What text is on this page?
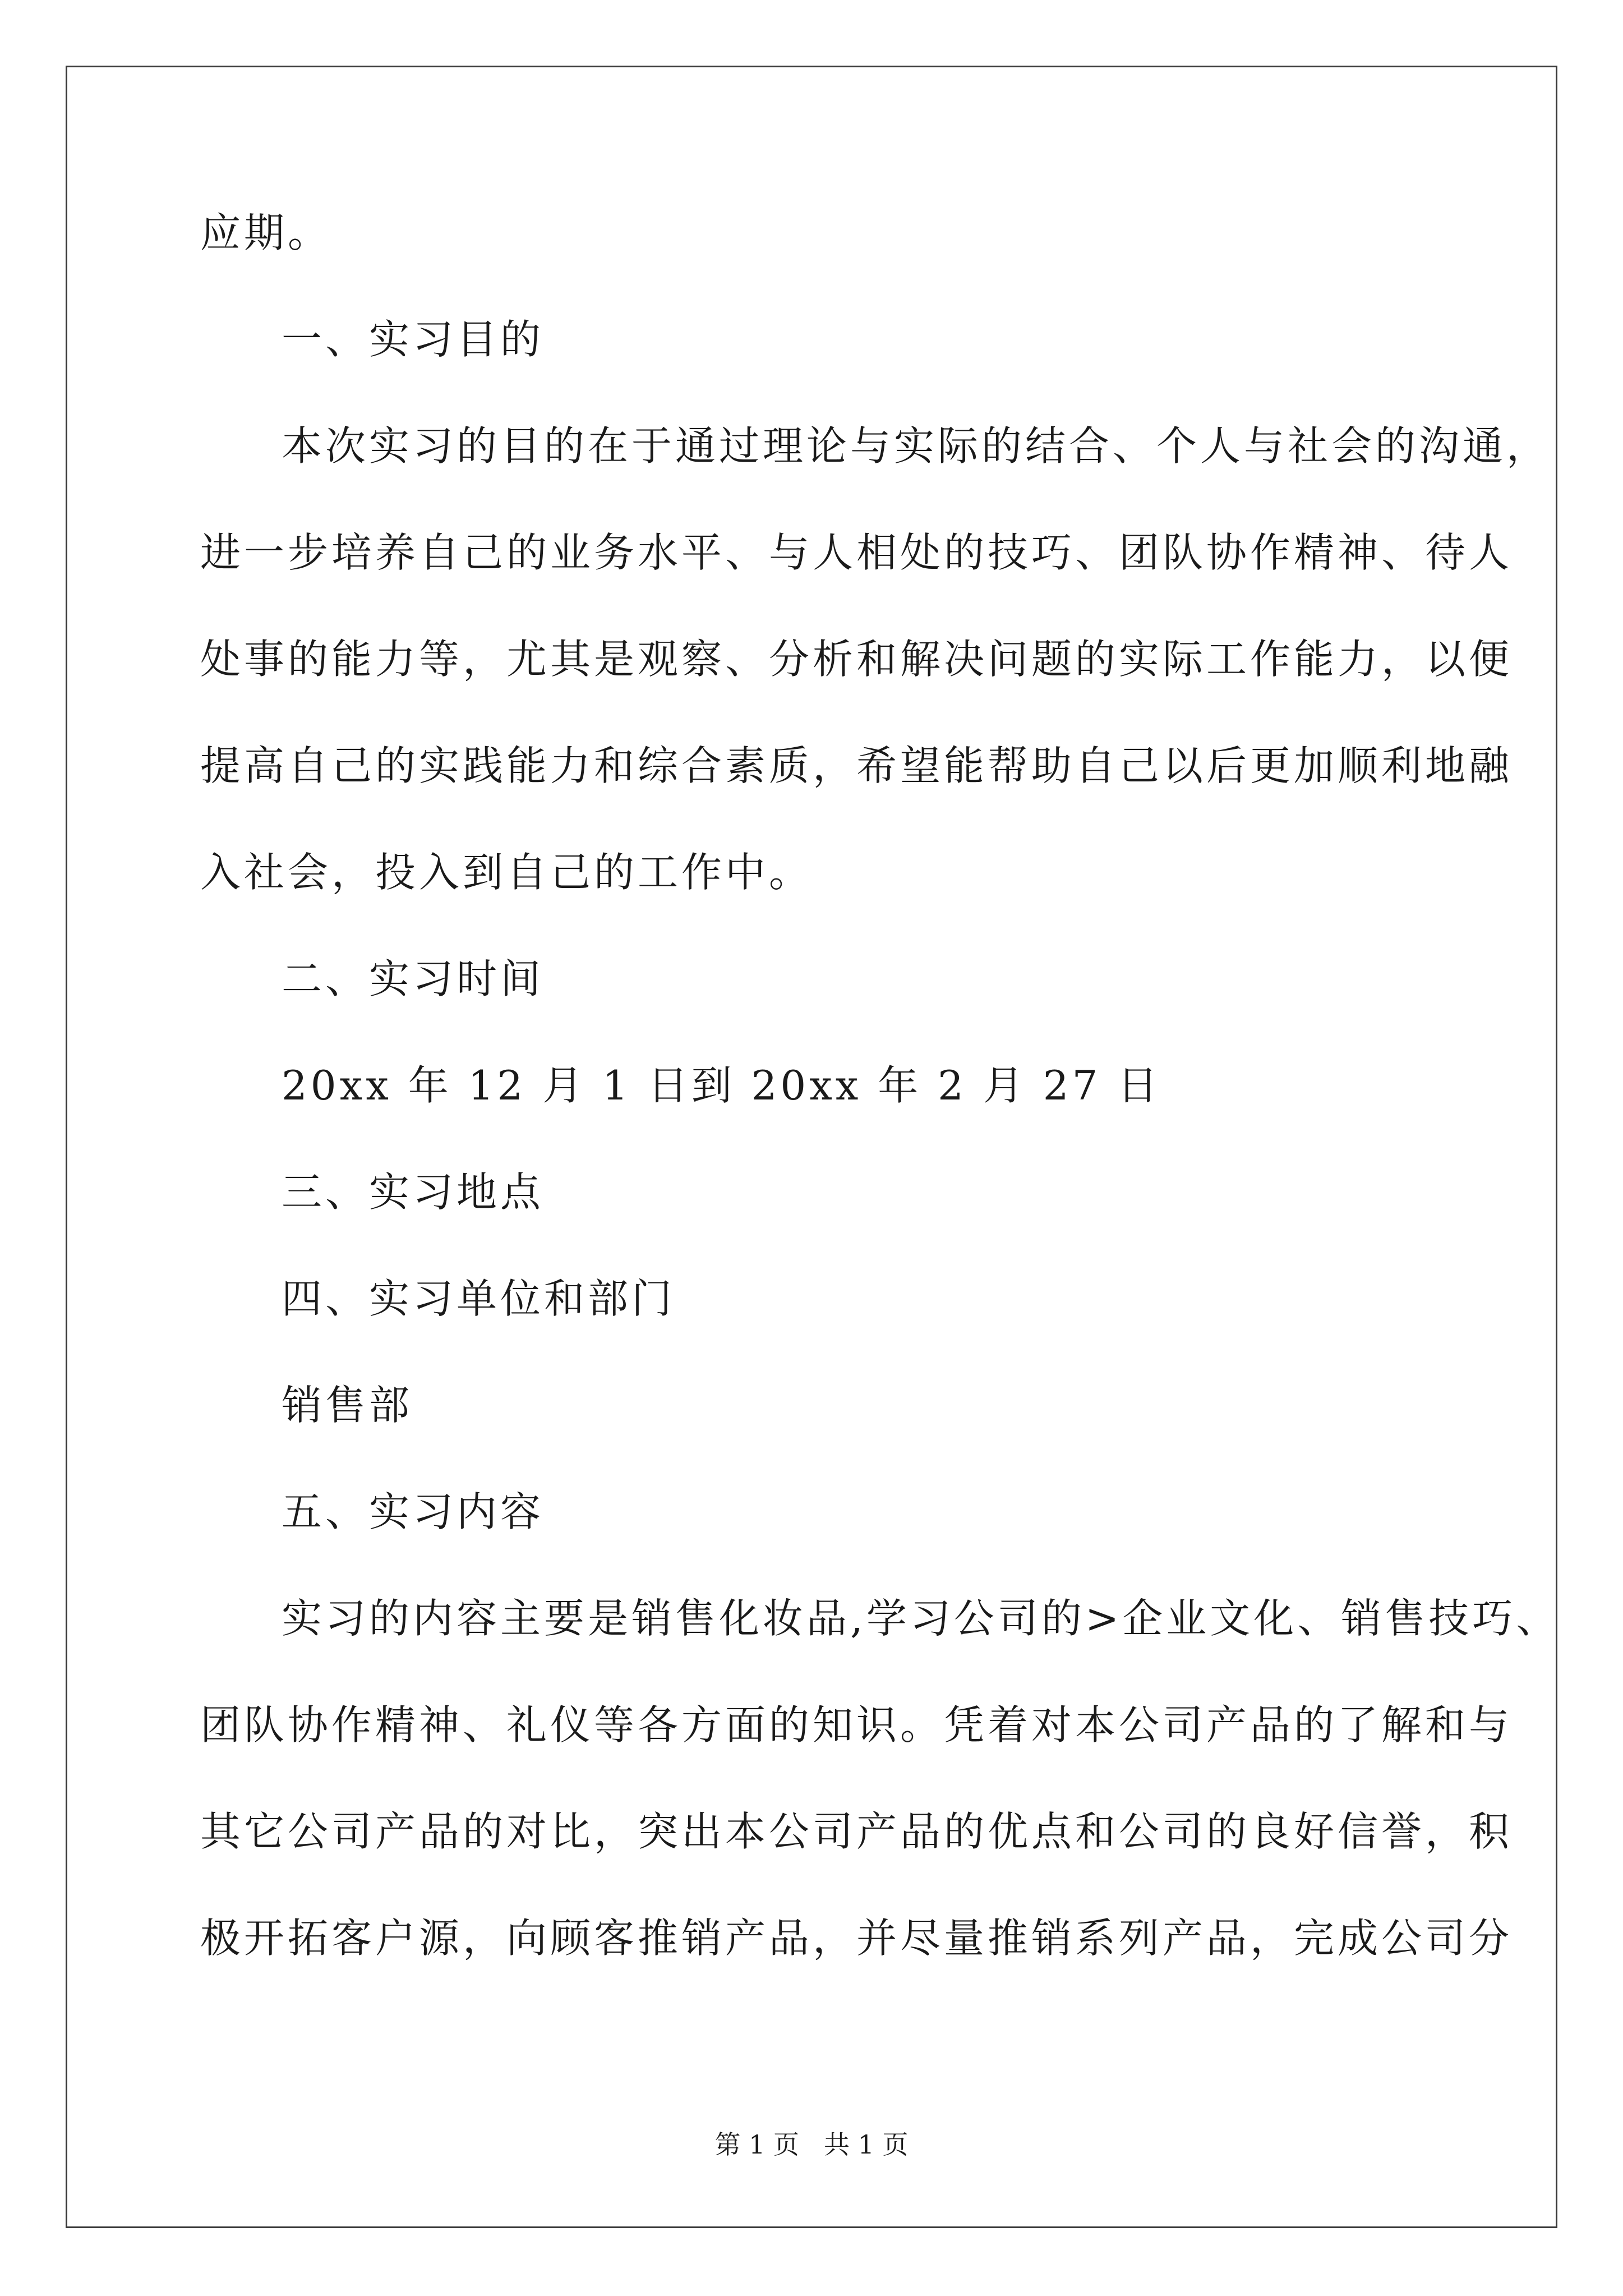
应期。

一、实习目的

本次实习的目的在于通过理论与实际的结合、个人与社会的沟通，

进一步培养自己的业务水平、与人相处的技巧、团队协作精神、待人

处事的能力等，尤其是观察、分析和解决问题的实际工作能力，以便

提高自己的实践能力和综合素质，希望能帮助自己以后更加顺利地融

入社会，投入到自己的工作中。

二、实习时间

20xx 年 12 月 1 日到 20xx 年 2 月 27 日

三、实习地点

四、实习单位和部门

销售部

五、实习内容

实习的内容主要是销售化妆品,学习公司的>企业文化、销售技巧、

团队协作精神、礼仪等各方面的知识。凭着对本公司产品的了解和与

其它公司产品的对比，突出本公司产品的优点和公司的良好信誉，积

极开拓客户源，向顾客推销产品，并尽量推销系列产品，完成公司分

第 1 页 共 1 页
